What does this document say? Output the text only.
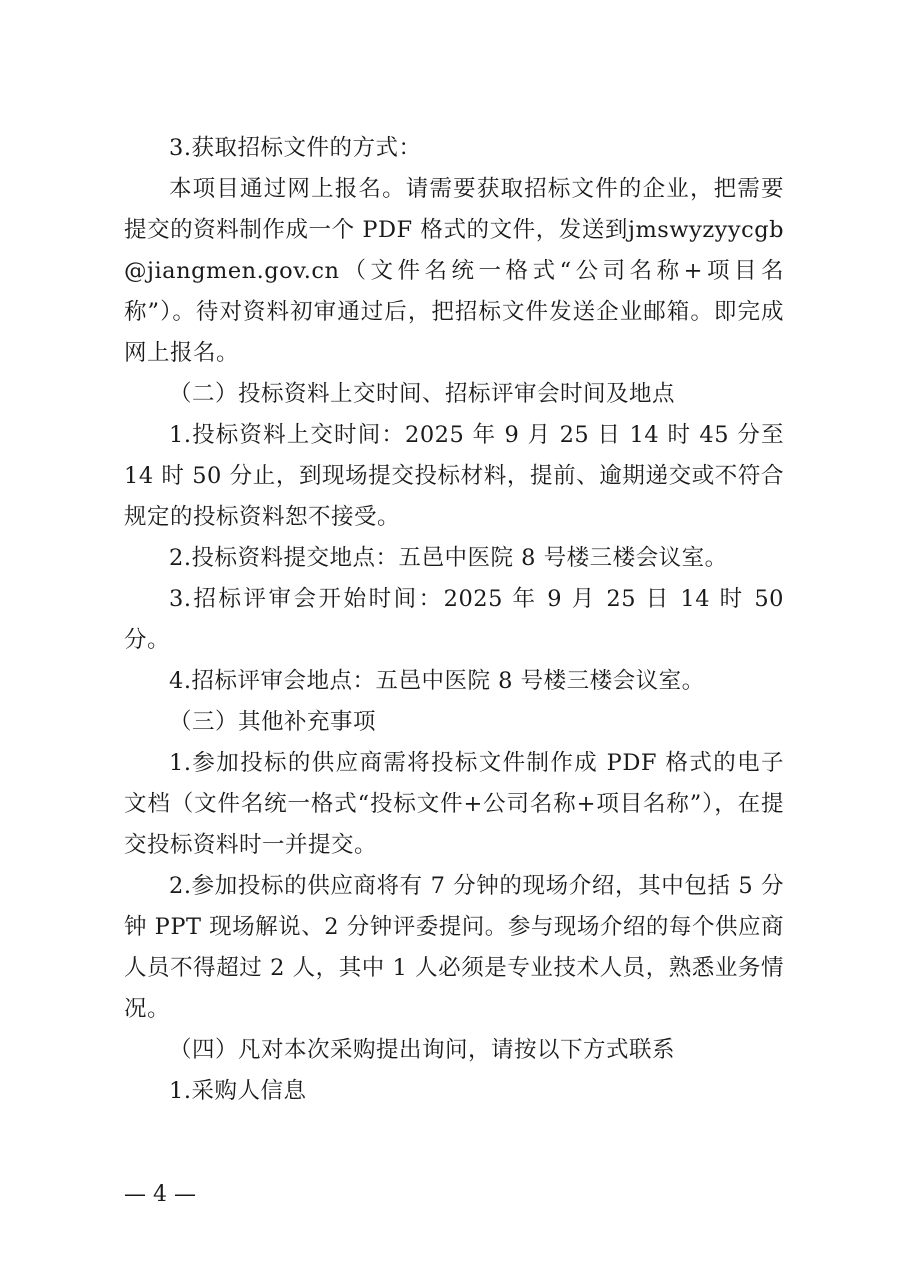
3.获取招标文件的方式：

本项目通过网上报名。请需要获取招标文件的企业，把需要提交的资料制作成一个 PDF 格式的文件，发送到jmswyzyycgb@jiangmen.gov.cn（文件名统一格式“公司名称+项目名称”）。待对资料初审通过后，把招标文件发送企业邮箱。即完成网上报名。

（二）投标资料上交时间、招标评审会时间及地点

1.投标资料上交时间：2025 年 9 月 25 日 14 时 45 分至 14 时 50 分止，到现场提交投标材料，提前、逾期递交或不符合规定的投标资料恕不接受。

2.投标资料提交地点：五邑中医院 8 号楼三楼会议室。

3.招标评审会开始时间：2025 年 9 月 25 日 14 时 50 分。

4.招标评审会地点：五邑中医院 8 号楼三楼会议室。

（三）其他补充事项

1.参加投标的供应商需将投标文件制作成 PDF 格式的电子文档（文件名统一格式“投标文件+公司名称+项目名称”），在提交投标资料时一并提交。

2.参加投标的供应商将有 7 分钟的现场介绍，其中包括 5 分钟 PPT 现场解说、2 分钟评委提问。参与现场介绍的每个供应商人员不得超过 2 人，其中 1 人必须是专业技术人员，熟悉业务情况。

（四）凡对本次采购提出询问，请按以下方式联系

1.采购人信息

— 4 —
